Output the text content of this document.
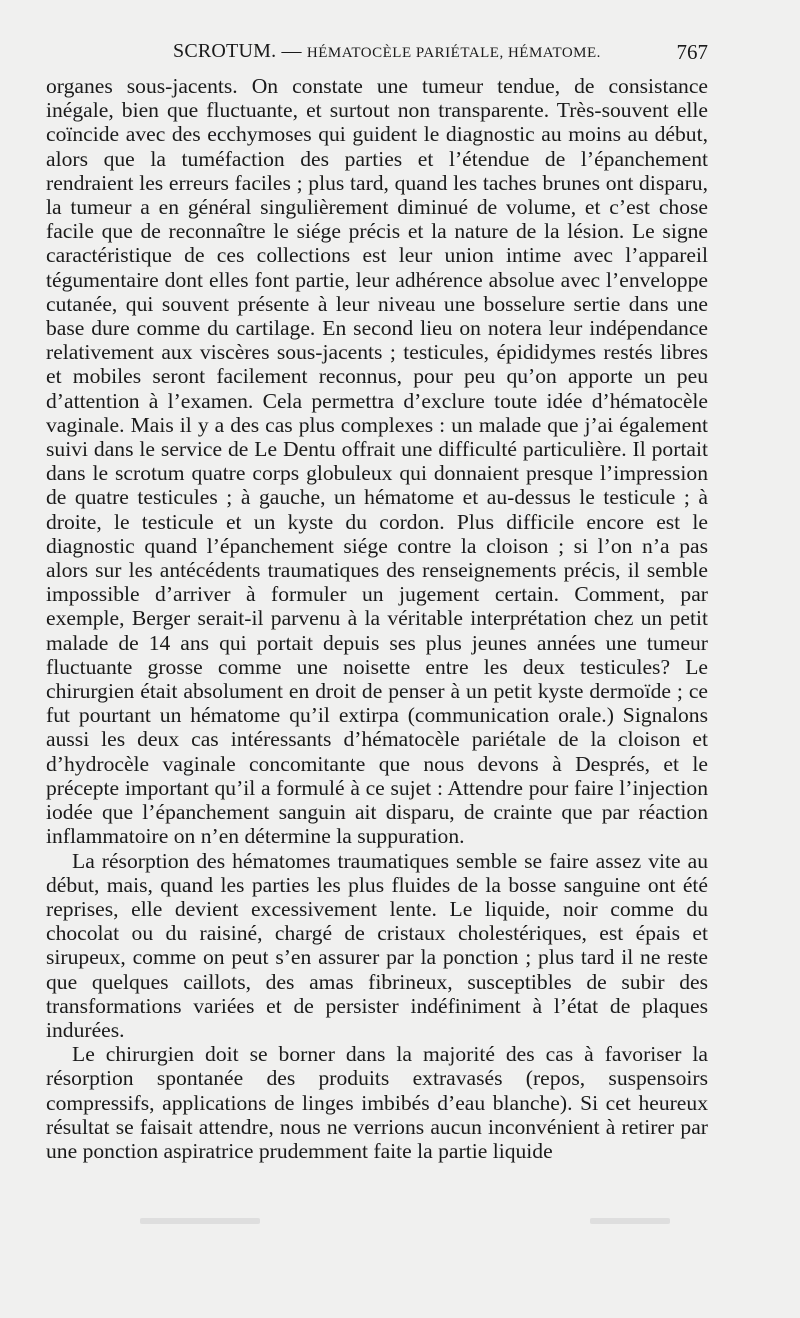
SCROTUM. — HÉMATOCÈLE PARIÉTALE, HÉMATOME.	767

organes sous-jacents. On constate une tumeur tendue, de consistance inégale, bien que fluctuante, et surtout non transparente. Très-souvent elle coïncide avec des ecchymoses qui guident le diagnostic au moins au début, alors que la tuméfaction des parties et l’étendue de l’épanchement rendraient les erreurs faciles ; plus tard, quand les taches brunes ont disparu, la tumeur a en général singulièrement diminué de volume, et c’est chose facile que de reconnaître le siége précis et la nature de la lésion. Le signe caractéristique de ces collections est leur union intime avec l’appareil tégumentaire dont elles font partie, leur adhérence absolue avec l’enveloppe cutanée, qui souvent présente à leur niveau une bosselure sertie dans une base dure comme du cartilage. En second lieu on notera leur indépendance relativement aux viscères sous-jacents ; testicules, épididymes restés libres et mobiles seront facilement reconnus, pour peu qu’on apporte un peu d’attention à l’examen. Cela permettra d’exclure toute idée d’hématocèle vaginale. Mais il y a des cas plus complexes : un malade que j’ai également suivi dans le service de Le Dentu offrait une difficulté particulière. Il portait dans le scrotum quatre corps globuleux qui donnaient presque l’impression de quatre testicules ; à gauche, un hématome et au-dessus le testicule ; à droite, le testicule et un kyste du cordon. Plus difficile encore est le diagnostic quand l’épanchement siége contre la cloison ; si l’on n’a pas alors sur les antécédents traumatiques des renseignements précis, il semble impossible d’arriver à formuler un jugement certain. Comment, par exemple, Berger serait-il parvenu à la véritable interprétation chez un petit malade de 14 ans qui portait depuis ses plus jeunes années une tumeur fluctuante grosse comme une noisette entre les deux testicules? Le chirurgien était absolument en droit de penser à un petit kyste dermoïde ; ce fut pourtant un hématome qu’il extirpa (communication orale.) Signalons aussi les deux cas intéressants d’hématocèle pariétale de la cloison et d’hydrocèle vaginale concomitante que nous devons à Després, et le précepte important qu’il a formulé à ce sujet : Attendre pour faire l’injection iodée que l’épanchement sanguin ait disparu, de crainte que par réaction inflammatoire on n’en détermine la suppuration.

La résorption des hématomes traumatiques semble se faire assez vite au début, mais, quand les parties les plus fluides de la bosse sanguine ont été reprises, elle devient excessivement lente. Le liquide, noir comme du chocolat ou du raisiné, chargé de cristaux cholestériques, est épais et sirupeux, comme on peut s’en assurer par la ponction ; plus tard il ne reste que quelques caillots, des amas fibrineux, susceptibles de subir des transformations variées et de persister indéfiniment à l’état de plaques indurées.

Le chirurgien doit se borner dans la majorité des cas à favoriser la résorption spontanée des produits extravasés (repos, suspensoirs compressifs, applications de linges imbibés d’eau blanche). Si cet heureux résultat se faisait attendre, nous ne verrions aucun inconvénient à retirer par une ponction aspiratrice prudemment faite la partie liquide
